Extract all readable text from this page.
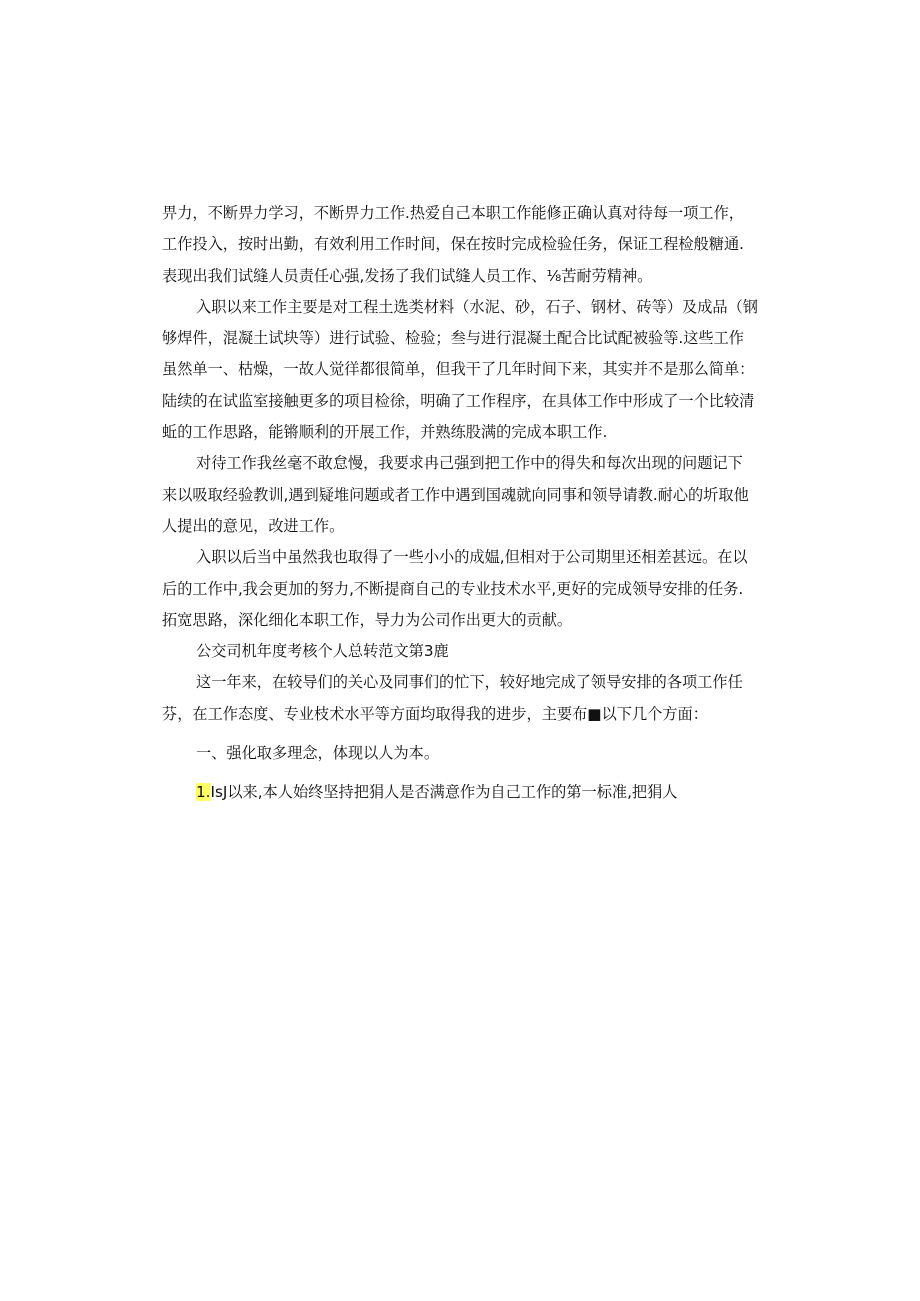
畀力，不断畀力学习，不断畀力工作.热爱自己本职工作能修正确认真对待每一项工作，
工作投入，按时出勤，有效利用工作时间，保在按时完成检验任务，保证工程检般糖通.
表现出我们试缝人员责任心强,发扬了我们试缝人员工作、⅛苦耐劳精神。
入职以来工作主要是对工程土选类材料（水泥、砂，石子、钢材、砖等）及成品（钢
够焊件，混凝土试块等）进行试验、检验；叁与进行混凝土配合比试配被验等.这些工作
虽然单一、枯燥，一故人觉徉都很简单，但我干了几年时间下来，其实并不是那么简单：
陆续的在试监室接触更多的项目检徐，明确了工作程序，在具体工作中形成了一个比较清
蚯的工作思路，能锵顺利的开展工作，并熟练股满的完成本职工作.
对待工作我丝毫不敢怠慢，我要求冉己强到把工作中的得失和每次出现的问题记下
来以吸取经验教训,遇到疑堆问题或者工作中遇到国魂就向同事和领导请教.耐心的圻取他
人提出的意见，改进工作。
入职以后当中虽然我也取得了一些小小的成媪,但相对于公司期里还相差甚远。在以
后的工作中,我会更加的努力,不断提商自己的专业技术水平,更好的完成领导安排的任务.
拓宽思路，深化细化本职工作，导力为公司作出更大的贡献。
公交司机年度考核个人总转范文第3鹿
这一年来，在较导们的关心及同事们的忙下，较好地完成了领导安排的各项工作任
芬，在工作态度、专业枝术水平等方面均取得我的进步，主要布■以下几个方面：
一、强化取多理念，体现以人为本。
1.IsJ以来,本人始终坚持把狷人是否满意作为自己工作的第一标准,把狷人
